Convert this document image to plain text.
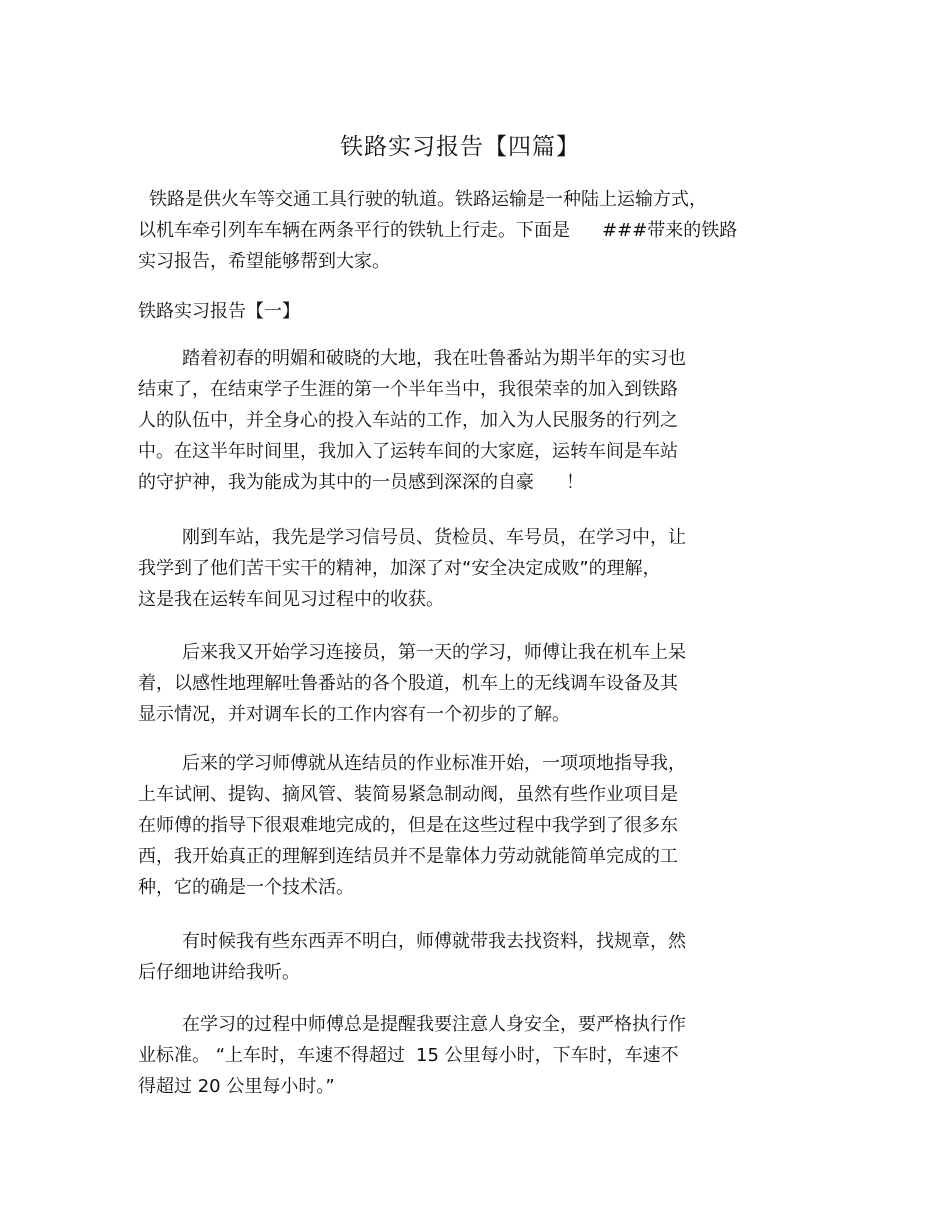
铁路实习报告【四篇】
铁路是供火车等交通工具行驶的轨道。铁路运输是一种陆上运输方式，
以机车牵引列车车辆在两条平行的铁轨上行走。下面是 ###带来的铁路
实习报告，希望能够帮到大家。
铁路实习报告【一】
踏着初春的明媚和破晓的大地，我在吐鲁番站为期半年的实习也
结束了，在结束学子生涯的第一个半年当中，我很荣幸的加入到铁路
人的队伍中，并全身心的投入车站的工作，加入为人民服务的行列之
中。在这半年时间里，我加入了运转车间的大家庭，运转车间是车站
的守护神，我为能成为其中的一员感到深深的自豪 ！
刚到车站，我先是学习信号员、货检员、车号员，在学习中，让
我学到了他们苦干实干的精神，加深了对“安全决定成败”的理解，
这是我在运转车间见习过程中的收获。
后来我又开始学习连接员，第一天的学习，师傅让我在机车上呆
着，以感性地理解吐鲁番站的各个股道，机车上的无线调车设备及其
显示情况，并对调车长的工作内容有一个初步的了解。
后来的学习师傅就从连结员的作业标准开始，一项项地指导我，
上车试闸、提钩、摘风管、装简易紧急制动阀，虽然有些作业项目是
在师傅的指导下很艰难地完成的，但是在这些过程中我学到了很多东
西，我开始真正的理解到连结员并不是靠体力劳动就能简单完成的工
种，它的确是一个技术活。
有时候我有些东西弄不明白，师傅就带我去找资料，找规章，然
后仔细地讲给我听。
在学习的过程中师傅总是提醒我要注意人身安全，要严格执行作
业标准。 “上车时，车速不得超过 15 公里每小时，下车时，车速不
得超过 20 公里每小时。”
